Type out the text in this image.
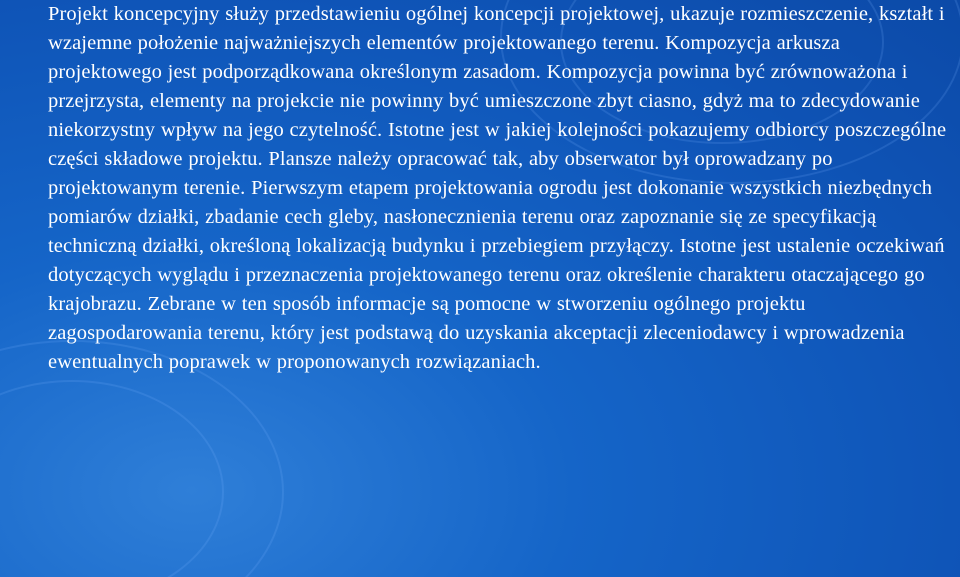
Projekt koncepcyjny służy przedstawieniu ogólnej koncepcji projektowej, ukazuje rozmieszczenie, kształt i wzajemne położenie najważniejszych elementów projektowanego terenu. Kompozycja arkusza projektowego jest podporządkowana określonym zasadom. Kompozycja powinna być zrównoważona i przejrzysta, elementy na projekcie nie powinny być umieszczone zbyt ciasno, gdyż ma to zdecydowanie niekorzystny wpływ na jego czytelność. Istotne jest w jakiej kolejności pokazujemy odbiorcy poszczególne części składowe projektu. Plansze należy opracować tak, aby obserwator był oprowadzany po projektowanym terenie. Pierwszym etapem projektowania ogrodu jest dokonanie wszystkich niezbędnych pomiarów działki, zbadanie cech gleby, nasłonecznienia terenu oraz zapoznanie się ze specyfikacją techniczną działki, określoną lokalizacją budynku i przebiegiem przyłączy. Istotne jest ustalenie oczekiwań dotyczących wyglądu i przeznaczenia projektowanego terenu oraz określenie charakteru otaczającego go krajobrazu. Zebrane w ten sposób informacje są pomocne w stworzeniu ogólnego projektu zagospodarowania terenu, który jest podstawą do uzyskania akceptacji zleceniodawcy i wprowadzenia ewentualnych poprawek w proponowanych rozwiązaniach.
